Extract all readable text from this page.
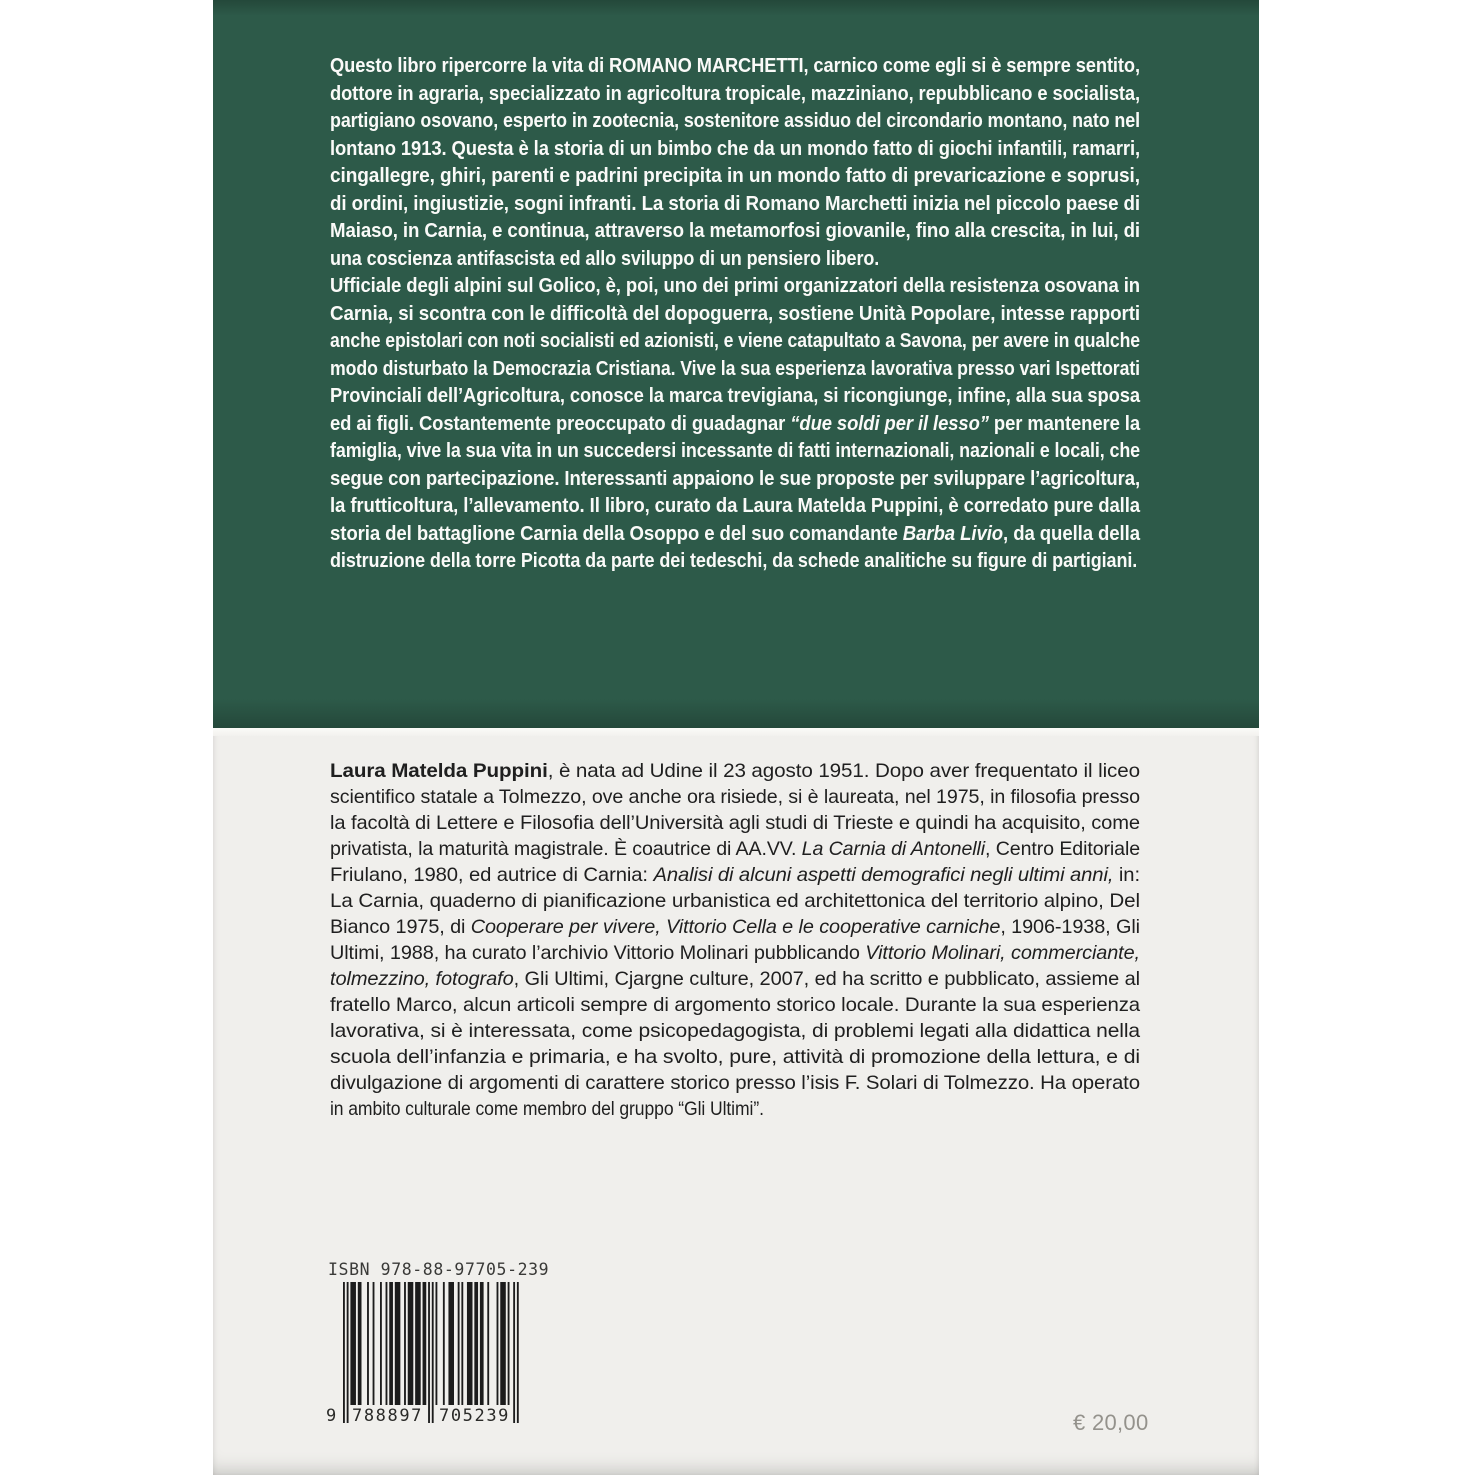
Questo libro ripercorre la vita di ROMANO MARCHETTI, carnico come egli si è sempre sentito,
dottore in agraria, specializzato in agricoltura tropicale, mazziniano, repubblicano e socialista,
partigiano osovano, esperto in zootecnia, sostenitore assiduo del circondario montano, nato nel
lontano 1913. Questa è la storia di un bimbo che da un mondo fatto di giochi infantili, ramarri,
cingallegre, ghiri, parenti e padrini precipita in un mondo fatto di prevaricazione e soprusi,
di ordini, ingiustizie, sogni infranti. La storia di Romano Marchetti inizia nel piccolo paese di
Maiaso, in Carnia, e continua, attraverso la metamorfosi giovanile, fino alla crescita, in lui, di
una coscienza antifascista ed allo sviluppo di un pensiero libero.
Ufficiale degli alpini sul Golico, è, poi, uno dei primi organizzatori della resistenza osovana in
Carnia, si scontra con le difficoltà del dopoguerra, sostiene Unità Popolare, intesse rapporti
anche epistolari con noti socialisti ed azionisti, e viene catapultato a Savona, per avere in qualche
modo disturbato la Democrazia Cristiana. Vive la sua esperienza lavorativa presso vari Ispettorati
Provinciali dell’Agricoltura, conosce la marca trevigiana, si ricongiunge, infine, alla sua sposa
ed ai figli. Costantemente preoccupato di guadagnar “due soldi per il lesso” per mantenere la
famiglia, vive la sua vita in un succedersi incessante di fatti internazionali, nazionali e locali, che
segue con partecipazione. Interessanti appaiono le sue proposte per sviluppare l’agricoltura,
la frutticoltura, l’allevamento. Il libro, curato da Laura Matelda Puppini, è corredato pure dalla
storia del battaglione Carnia della Osoppo e del suo comandante Barba Livio, da quella della
distruzione della torre Picotta da parte dei tedeschi, da schede analitiche su figure di partigiani.
Laura Matelda Puppini, è nata ad Udine il 23 agosto 1951. Dopo aver frequentato il liceo
scientifico statale a Tolmezzo, ove anche ora risiede, si è laureata, nel 1975, in filosofia presso
la facoltà di Lettere e Filosofia dell’Università agli studi di Trieste e quindi ha acquisito, come
privatista, la maturità magistrale. È coautrice di AA.VV. La Carnia di Antonelli, Centro Editoriale
Friulano, 1980, ed autrice di Carnia: Analisi di alcuni aspetti demografici negli ultimi anni, in:
La Carnia, quaderno di pianificazione urbanistica ed architettonica del territorio alpino, Del
Bianco 1975, di Cooperare per vivere, Vittorio Cella e le cooperative carniche, 1906-1938, Gli
Ultimi, 1988, ha curato l’archivio Vittorio Molinari pubblicando Vittorio Molinari, commerciante,
tolmezzino, fotografo, Gli Ultimi, Cjargne culture, 2007, ed ha scritto e pubblicato, assieme al
fratello Marco, alcun articoli sempre di argomento storico locale. Durante la sua esperienza
lavorativa, si è interessata, come psicopedagogista, di problemi legati alla didattica nella
scuola dell’infanzia e primaria, e ha svolto, pure, attività di promozione della lettura, e di
divulgazione di argomenti di carattere storico presso l’isis F. Solari di Tolmezzo. Ha operato
in ambito culturale come membro del gruppo “Gli Ultimi”.
ISBN 978-88-97705-239
9 788897 705239	€ 20,00
